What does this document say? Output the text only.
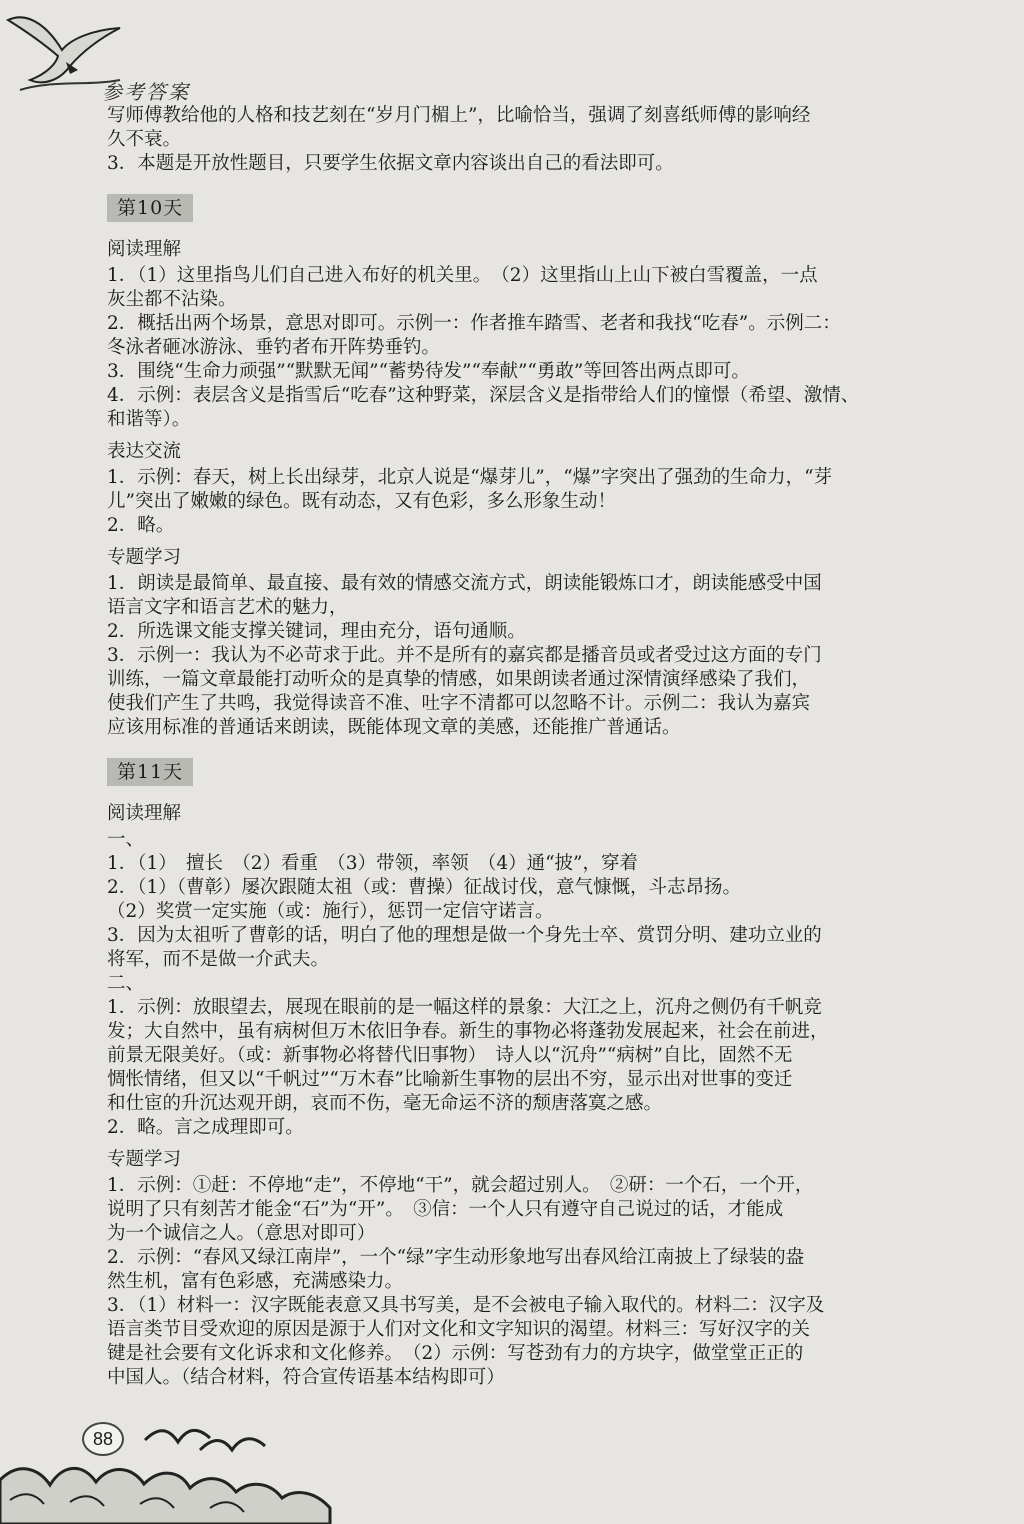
参考答案

写师傅教给他的人格和技艺刻在“岁月门楣上”，比喻恰当，强调了刻喜纸师傅的影响经

久不衰。

3．本题是开放性题目，只要学生依据文章内容谈出自己的看法即可。

第10天
阅读理解

1．（1）这里指鸟儿们自己进入布好的机关里。　（2）这里指山上山下被白雪覆盖，一点

灰尘都不沾染。

2．概括出两个场景，意思对即可。示例一：作者推车踏雪、老者和我找“吃春”。示例二：

冬泳者砸冰游泳、垂钓者布开阵势垂钓。

3．围绕“生命力顽强”“默默无闻”“蓄势待发”“奉献”“勇敢”等回答出两点即可。

4．示例：表层含义是指雪后“吃春”这种野菜，深层含义是指带给人们的憧憬（希望、激情、

和谐等）。

表达交流

1．示例：春天，树上长出绿芽，北京人说是“爆芽儿”，“爆”字突出了强劲的生命力，“芽

儿”突出了嫩嫩的绿色。既有动态，又有色彩，多么形象生动！

2．略。

专题学习

1．朗读是最简单、最直接、最有效的情感交流方式，朗读能锻炼口才，朗读能感受中国

语言文字和语言艺术的魅力，

2．所选课文能支撑关键词，理由充分，语句通顺。

3．示例一：我认为不必苛求于此。并不是所有的嘉宾都是播音员或者受过这方面的专门

训练，一篇文章最能打动听众的是真挚的情感，如果朗读者通过深情演绎感染了我们，

使我们产生了共鸣，我觉得读音不准、吐字不清都可以忽略不计。示例二：我认为嘉宾

应该用标准的普通话来朗读，既能体现文章的美感，还能推广普通话。

第11天
阅读理解

一、

1．（1）　擅长　（2）看重　（3）带领，率领　（4）通“披”，穿着

2．（1）（曹彰）屡次跟随太祖（或：曹操）征战讨伐，意气慷慨，斗志昂扬。

（2）奖赏一定实施（或：施行），惩罚一定信守诺言。

3．因为太祖听了曹彰的话，明白了他的理想是做一个身先士卒、赏罚分明、建功立业的

将军，而不是做一介武夫。

二、

1．示例：放眼望去，展现在眼前的是一幅这样的景象：大江之上，沉舟之侧仍有千帆竞

发；大自然中，虽有病树但万木依旧争春。新生的事物必将蓬勃发展起来，社会在前进，

前景无限美好。（或：新事物必将替代旧事物）　诗人以“沉舟”“病树”自比，固然不无

惆怅情绪，但又以“千帆过”“万木春”比喻新生事物的层出不穷，显示出对世事的变迁

和仕宦的升沉达观开朗，哀而不伤，毫无命运不济的颓唐落寞之感。

2．略。言之成理即可。

专题学习

1．示例：①赶：不停地“走”，不停地“干”，就会超过别人。　②研：一个石，一个开，

说明了只有刻苦才能金“石”为“开”。　③信：一个人只有遵守自己说过的话，才能成

为一个诚信之人。（意思对即可）

2．示例：“春风又绿江南岸”，一个“绿”字生动形象地写出春风给江南披上了绿装的盎

然生机，富有色彩感，充满感染力。

3．（1）材料一：汉字既能表意又具书写美，是不会被电子输入取代的。材料二：汉字及

语言类节目受欢迎的原因是源于人们对文化和文字知识的渴望。材料三：写好汉字的关

键是社会要有文化诉求和文化修养。　（2）示例：写苍劲有力的方块字，做堂堂正正的

中国人。（结合材料，符合宣传语基本结构即可）

88
